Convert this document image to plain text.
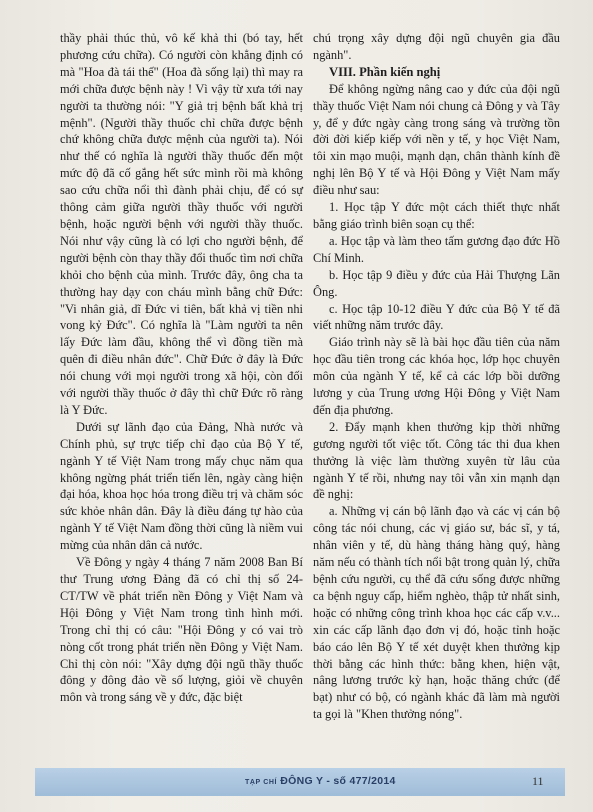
thầy phải thúc thủ, vô kế khả thi (bó tay, hết phương cứu chữa). Có người còn khẳng định có mà "Hoa đà tái thế" (Hoa đà sống lại) thì may ra mới chữa được bệnh này ! Vì vậy từ xưa tới nay người ta thường nói: "Y giả trị bệnh bất khả trị mệnh". (Người thầy thuốc chỉ chữa được bệnh chứ không chữa được mệnh của người ta). Nói như thế có nghĩa là người thầy thuốc đến một mức độ đã cố gắng hết sức mình rồi mà không sao cứu chữa nổi thì đành phải chịu, để có sự thông cảm giữa người thầy thuốc với người bệnh, hoặc người bệnh với người thầy thuốc. Nói như vậy cũng là có lợi cho người bệnh, để người bệnh còn thay thầy đổi thuốc tìm nơi chữa khỏi cho bệnh của mình. Trước đây, ông cha ta thường hay dạy con cháu mình bằng chữ Đức: "Vi nhân giả, dĩ Đức vi tiên, bất khả vị tiền nhi vong kỷ Đức". Có nghĩa là "Làm người ta nên lấy Đức làm đầu, không thể vì đồng tiền mà quên đi điều nhân đức". Chữ Đức ở đây là Đức nói chung với mọi người trong xã hội, còn đối với người thầy thuốc ở đây thì chữ Đức rõ ràng là Y Đức.

Dưới sự lãnh đạo của Đảng, Nhà nước và Chính phủ, sự trực tiếp chỉ đạo của Bộ Y tế, ngành Y tế Việt Nam trong mấy chục năm qua không ngừng phát triển tiến lên, ngày càng hiện đại hóa, khoa học hóa trong điều trị và chăm sóc sức khỏe nhân dân. Đây là điều đáng tự hào của ngành Y tế Việt Nam đồng thời cũng là niềm vui mừng của nhân dân cả nước.

Về Đông y ngày 4 tháng 7 năm 2008 Ban Bí thư Trung ương Đảng đã có chỉ thị số 24-CT/TW về phát triển nền Đông y Việt Nam và Hội Đông y Việt Nam trong tình hình mới. Trong chỉ thị có câu: "Hội Đông y có vai trò nòng cốt trong phát triển nền Đông y Việt Nam. Chỉ thị còn nói: "Xây dựng đội ngũ thầy thuốc đông y đông đảo về số lượng, giỏi về chuyên môn và trong sáng về y đức, đặc biệt

chú trọng xây dựng đội ngũ chuyên gia đầu ngành".

VIII. Phần kiến nghị

Để không ngừng nâng cao y đức của đội ngũ thầy thuốc Việt Nam nói chung cả Đông y và Tây y, để y đức ngày càng trong sáng và trường tồn đời đời kiếp kiếp với nền y tế, y học Việt Nam, tôi xin mạo muội, mạnh dạn, chân thành kính đề nghị lên Bộ Y tế và Hội Đông y Việt Nam mấy điều như sau:

1. Học tập Y đức một cách thiết thực nhất bằng giáo trình biên soạn cụ thể:

a. Học tập và làm theo tấm gương đạo đức Hồ Chí Minh.

b. Học tập 9 điều y đức của Hải Thượng Lãn Ông.

c. Học tập 10-12 điều Y đức của Bộ Y tế đã viết những năm trước đây.

Giáo trình này sẽ là bài học đầu tiên của năm học đầu tiên trong các khóa học, lớp học chuyên môn của ngành Y tế, kể cả các lớp bồi dưỡng lương y của Trung ương Hội Đông y Việt Nam đến địa phương.

2. Đẩy mạnh khen thưởng kịp thời những gương người tốt việc tốt. Công tác thi đua khen thưởng là việc làm thường xuyên từ lâu của ngành Y tế rồi, nhưng nay tôi vẫn xin mạnh dạn đề nghị:

a. Những vị cán bộ lãnh đạo và các vị cán bộ công tác nói chung, các vị giáo sư, bác sĩ, y tá, nhân viên y tế, dù hàng tháng hàng quý, hàng năm nếu có thành tích nổi bật trong quản lý, chữa bệnh cứu người, cụ thể đã cứu sống được những ca bệnh nguy cấp, hiểm nghèo, thập tử nhất sinh, hoặc có những công trình khoa học các cấp v.v... xin các cấp lãnh đạo đơn vị đó, hoặc tỉnh hoặc báo cáo lên Bộ Y tế xét duyệt khen thưởng kịp thời bằng các hình thức: bằng khen, hiện vật, nâng lương trước kỳ hạn, hoặc thăng chức (để bạt) như có bộ, có ngành khác đã làm mà người ta gọi là "Khen thưởng nóng".

TẠP CHÍ ĐÔNG Y - số 477/2014	11
